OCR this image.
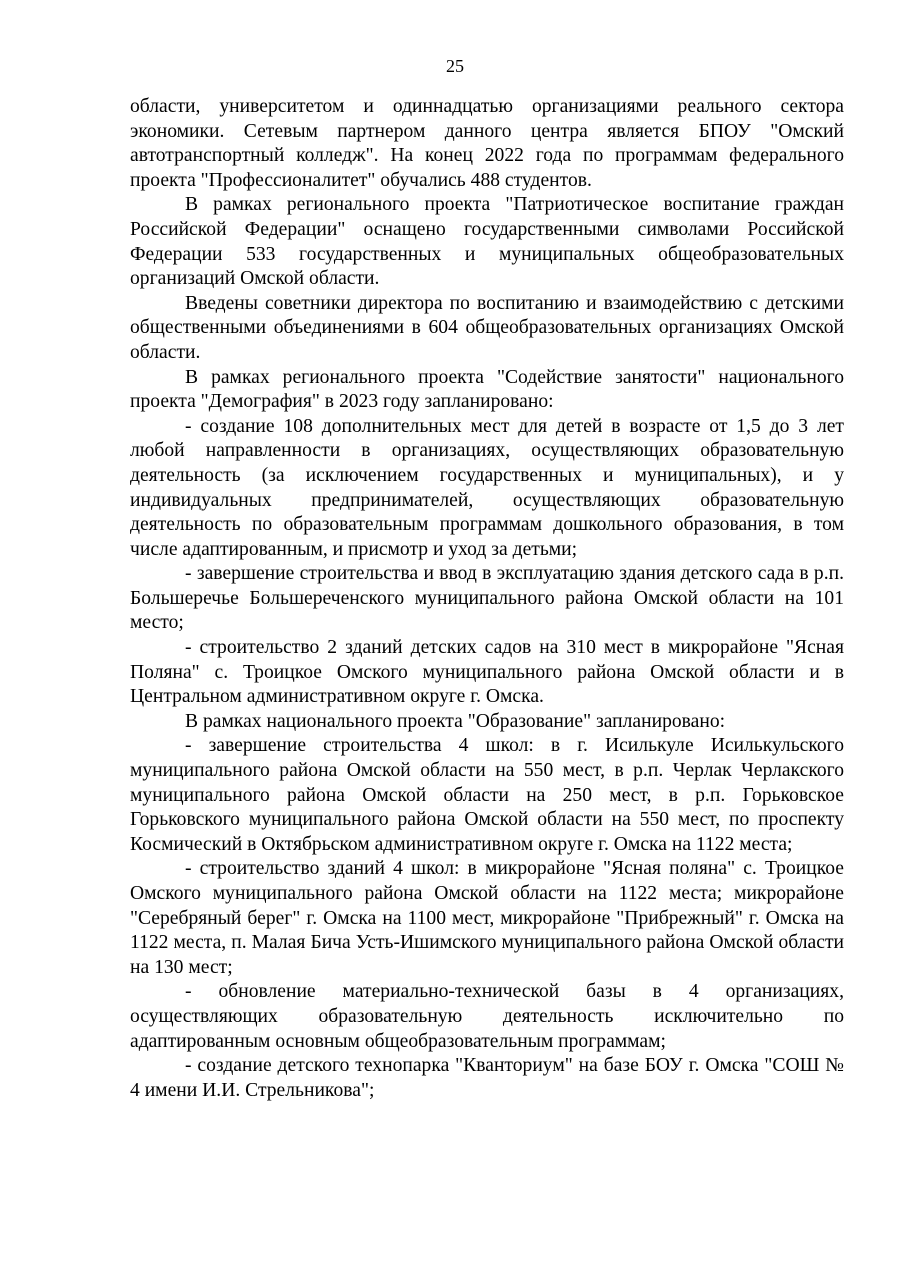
25

области, университетом и одиннадцатью организациями реального сектора экономики. Сетевым партнером данного центра является БПОУ "Омский автотранспортный колледж". На конец 2022 года по программам федерального проекта "Профессионалитет" обучались 488 студентов.

В рамках регионального проекта "Патриотическое воспитание граждан Российской Федерации" оснащено государственными символами Российской Федерации 533 государственных и муниципальных общеобразовательных организаций Омской области.

Введены советники директора по воспитанию и взаимодействию с детскими общественными объединениями в 604 общеобразовательных организациях Омской области.

В рамках регионального проекта "Содействие занятости" национального проекта "Демография" в 2023 году запланировано:

- создание 108 дополнительных мест для детей в возрасте от 1,5 до 3 лет любой направленности в организациях, осуществляющих образовательную деятельность (за исключением государственных и муниципальных), и у индивидуальных предпринимателей, осуществляющих образовательную деятельность по образовательным программам дошкольного образования, в том числе адаптированным, и присмотр и уход за детьми;

- завершение строительства и ввод в эксплуатацию здания детского сада в р.п. Большеречье Большереченского муниципального района Омской области на 101 место;

- строительство 2 зданий детских садов на 310 мест в микрорайоне "Ясная Поляна" с. Троицкое Омского муниципального района Омской области и в Центральном административном округе г. Омска.

В рамках национального проекта "Образование" запланировано:

- завершение строительства 4 школ: в г. Исилькуле Исилькульского муниципального района Омской области на 550 мест, в р.п. Черлак Черлакского муниципального района Омской области на 250 мест, в р.п. Горьковское Горьковского муниципального района Омской области на 550 мест, по проспекту Космический в Октябрьском административном округе г. Омска на 1122 места;

- строительство зданий 4 школ: в микрорайоне "Ясная поляна" с. Троицкое Омского муниципального района Омской области на 1122 места; микрорайоне "Серебряный берег" г. Омска на 1100 мест, микрорайоне "Прибрежный" г. Омска на 1122 места, п. Малая Бича Усть-Ишимского муниципального района Омской области на 130 мест;

- обновление материально-технической базы в 4 организациях, осуществляющих образовательную деятельность исключительно по адаптированным основным общеобразовательным программам;

- создание детского технопарка "Кванториум" на базе БОУ г. Омска "СОШ № 4 имени И.И. Стрельникова";
